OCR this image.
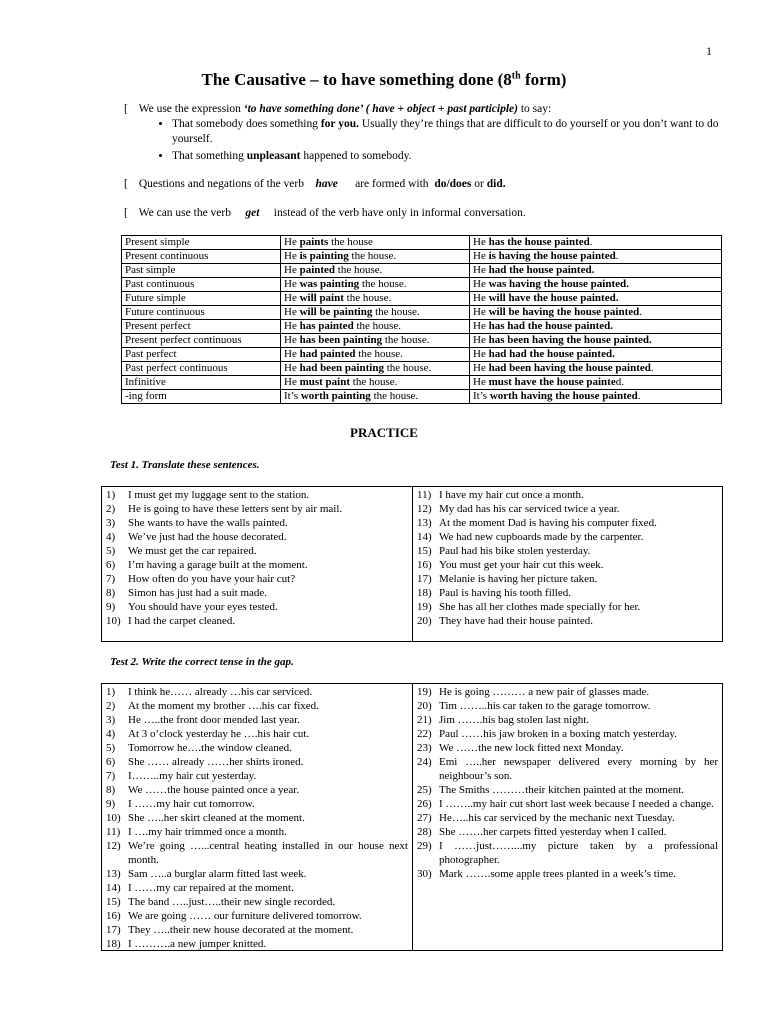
1
The Causative – to have something done (8th form)
[ We use the expression ‘to have something done’ ( have + object + past participle) to say:
• That somebody does something for you. Usually they’re things that are difficult to do yourself or you don’t want to do yourself.
• That something unpleasant happened to somebody.
[ Questions and negations of the verb    have      are formed with  do/does or did.
[ We can use the verb     get     instead of the verb have only in informal conversation.
Present simple	He paints the house	He has the house painted.
Present continuous	He is painting the house.	He is having the house painted.
Past simple	He painted the house.	He had the house painted.
Past continuous	He was painting the house.	He was having the house painted.
Future simple	He will paint the house.	He will have the house painted.
Future continuous	He will be painting the house.	He will be having the house painted.
Present perfect	He has painted the house.	He has had the house painted.
Present perfect continuous	He has been painting the house.	He has been having the house painted.
Past perfect	He had painted the house.	He had had the house painted.
Past perfect continuous	He had been painting the house.	He had been having the house painted.
Infinitive	He must paint the house.	He must have the house painted.
-ing form	It’s worth painting the house.	It’s worth having the house painted.
PRACTICE
Test 1. Translate these sentences.
1)	I must get my luggage sent to the station.
2)	He is going to have these letters sent by air mail.
3)	She wants to have the walls painted.
4)	We’ve just had the house decorated.
5)	We must get the car repaired.
6)	I’m having a garage built at the moment.
7)	How often do you have your hair cut?
8)	Simon has just had a suit made.
9)	You should have your eyes tested.
10) I had the carpet cleaned.
11) I have my hair cut once a month.
12) My dad has his car serviced twice a year.
13) At the moment Dad is having his computer fixed.
14) We had new cupboards made by the carpenter.
15) Paul had his bike stolen yesterday.
16) You must get your hair cut this week.
17) Melanie is having her picture taken.
18) Paul is having his tooth filled.
19) She has all her clothes made specially for her.
20) They have had their house painted.
Test 2. Write the correct tense in the gap.
1)	I think he…… already …his car serviced.
2)	At the moment my brother ….his car fixed.
3)	He …..the front door mended last year.
4)	At 3 o’clock yesterday he ….his hair cut.
5)	Tomorrow he….the window cleaned.
6)	She …… already ……her shirts ironed.
7)	I……..my hair cut yesterday.
8)	We ……the house painted once a year.
9)	I ……my hair cut tomorrow.
10) She …..her skirt cleaned at the moment.
11) I ….my hair trimmed once a month.
12) We’re going …...central heating installed in our house next month.
13) Sam …..a burglar alarm fitted last week.
14) I ……my car repaired at the moment.
15) The band …..just…..their new single recorded.
16) We are going …… our furniture delivered tomorrow.
17) They …..their new house decorated at the moment.
18) I ……….a new jumper knitted.
19) He is going ……… a new pair of glasses made.
20) Tim ……..his car taken to the garage tomorrow.
21) Jim …….his bag stolen last night.
22) Paul ……his jaw broken in a boxing match yesterday.
23) We ……the new lock fitted next Monday.
24) Emi …..her newspaper delivered every morning by her neighbour’s son.
25) The Smiths ………their kitchen painted at the moment.
26) I ……..my hair cut short last week because I needed a change.
27) He…..his car serviced by the mechanic next Tuesday.
28) She …….her carpets fitted yesterday when I called.
29) I ……just……...my picture taken by a professional photographer.
30) Mark …….some apple trees planted in a week’s time.
